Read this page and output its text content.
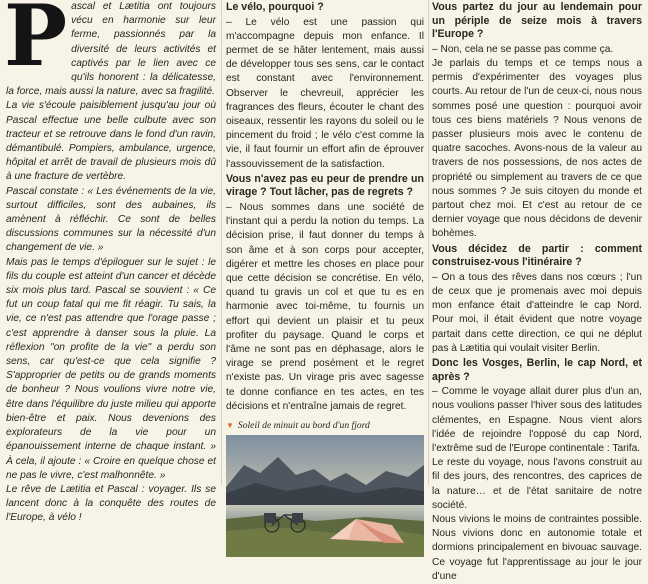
P ascal et Lætitia ont toujours vécu en harmonie sur leur ferme, passionnés par la diversité de leurs activités et captivés par le lien avec ce qu'ils honorent : la délicatesse, la force, mais aussi la nature, avec sa fragilité.

La vie s'écoule paisiblement jusqu'au jour où Pascal effectue une belle culbute avec son tracteur et se retrouve dans le fond d'un ravin, démantibulé. Pompiers, ambulance, urgence, hôpital et arrêt de travail de plusieurs mois dû à une fracture de vertèbre.

Pascal constate : « Les événements de la vie, surtout difficiles, sont des aubaines, ils amènent à réfléchir. Ce sont de belles discussions communes sur la nécessité d'un changement de vie. »

Mais pas le temps d'épiloguer sur le sujet : le fils du couple est atteint d'un cancer et décède six mois plus tard. Pascal se souvient : « Ce fut un coup fatal qui me fit réagir. Tu sais, la vie, ce n'est pas attendre que l'orage passe ; c'est apprendre à danser sous la pluie. La réflexion "on profite de la vie" a perdu son sens, car qu'est-ce que cela signifie ? S'approprier de petits ou de grands moments de bonheur ? Nous voulions vivre notre vie, être dans l'équilibre du juste milieu qui apporte bien-être et paix. Nous devenions des explorateurs de la vie pour un épanouissement interne de chaque instant. » À cela, il ajoute : « Croire en quelque chose et ne pas le vivre, c'est malhonnête. »

Le rêve de Lætitia et Pascal : voyager. Ils se lancent donc à la conquête des routes de l'Europe, à vélo !

Le vélo, pourquoi ?

– Le vélo est une passion qui m'accompagne depuis mon enfance. Il permet de se hâter lentement, mais aussi de développer tous ses sens, car le contact est constant avec l'environnement. Observer le chevreuil, apprécier les fragrances des fleurs, écouter le chant des oiseaux, ressentir les rayons du soleil ou le pincement du froid ; le vélo c'est comme la vie, il faut fournir un effort afin de éprouver l'assouvissement de la satisfaction.

Vous n'avez pas eu peur de prendre un virage ? Tout lâcher, pas de regrets ?

– Nous sommes dans une société de l'instant qui a perdu la notion du temps. La décision prise, il faut donner du temps à son âme et à son corps pour accepter, digérer et mettre les choses en place pour que cette décision se concrétise. En vélo, quand tu gravis un col et que tu es en harmonie avec toi-même, tu fournis un effort qui devient un plaisir et tu peux profiter du paysage. Quand le corps et l'âme ne sont pas en déphasage, alors le virage se prend posément et le regret n'existe pas. Un virage pris avec sagesse te donne confiance en tes actes, en tes décisions et n'entraîne jamais de regret.

▼ Soleil de minuit au bord d'un fjord

Vous partez du jour au lendemain pour un périple de seize mois à travers l'Europe ?

– Non, cela ne se passe pas comme ça.

Je parlais du temps et ce temps nous a permis d'expérimenter des voyages plus courts. Au retour de l'un de ceux-ci, nous nous sommes posé une question : pourquoi avoir tous ces biens matériels ? Nous venons de passer plusieurs mois avec le contenu de quatre sacoches. Avons-nous de la valeur au travers de nos possessions, de nos actes de propriété ou simplement au travers de ce que nous sommes ? Je suis citoyen du monde et partout chez moi. Et c'est au retour de ce dernier voyage que nous décidons de devenir bohèmes.

Vous décidez de partir : comment construisez-vous l'itinéraire ?

– On a tous des rêves dans nos cœurs ; l'un de ceux que je promenais avec moi depuis mon enfance était d'atteindre le cap Nord. Pour moi, il était évident que notre voyage partait dans cette direction, ce qui ne déplut pas à Lætitia qui voulait visiter Berlin.

Donc les Vosges, Berlin, le cap Nord, et après ?

– Comme le voyage allait durer plus d'un an, nous voulions passer l'hiver sous des latitudes clémentes, en Espagne. Nous vient alors l'idée de rejoindre l'opposé du cap Nord, l'extrême sud de l'Europe continentale : Tarifa.

Le reste du voyage, nous l'avons construit au fil des jours, des rencontres, des caprices de la nature… et de l'état sanitaire de notre société.

Nous vivions le moins de contraintes possible. Nous vivions donc en autonomie totale et dormions principalement en bivouac sauvage. Ce voyage fut l'apprentissage au jour le jour d'une
